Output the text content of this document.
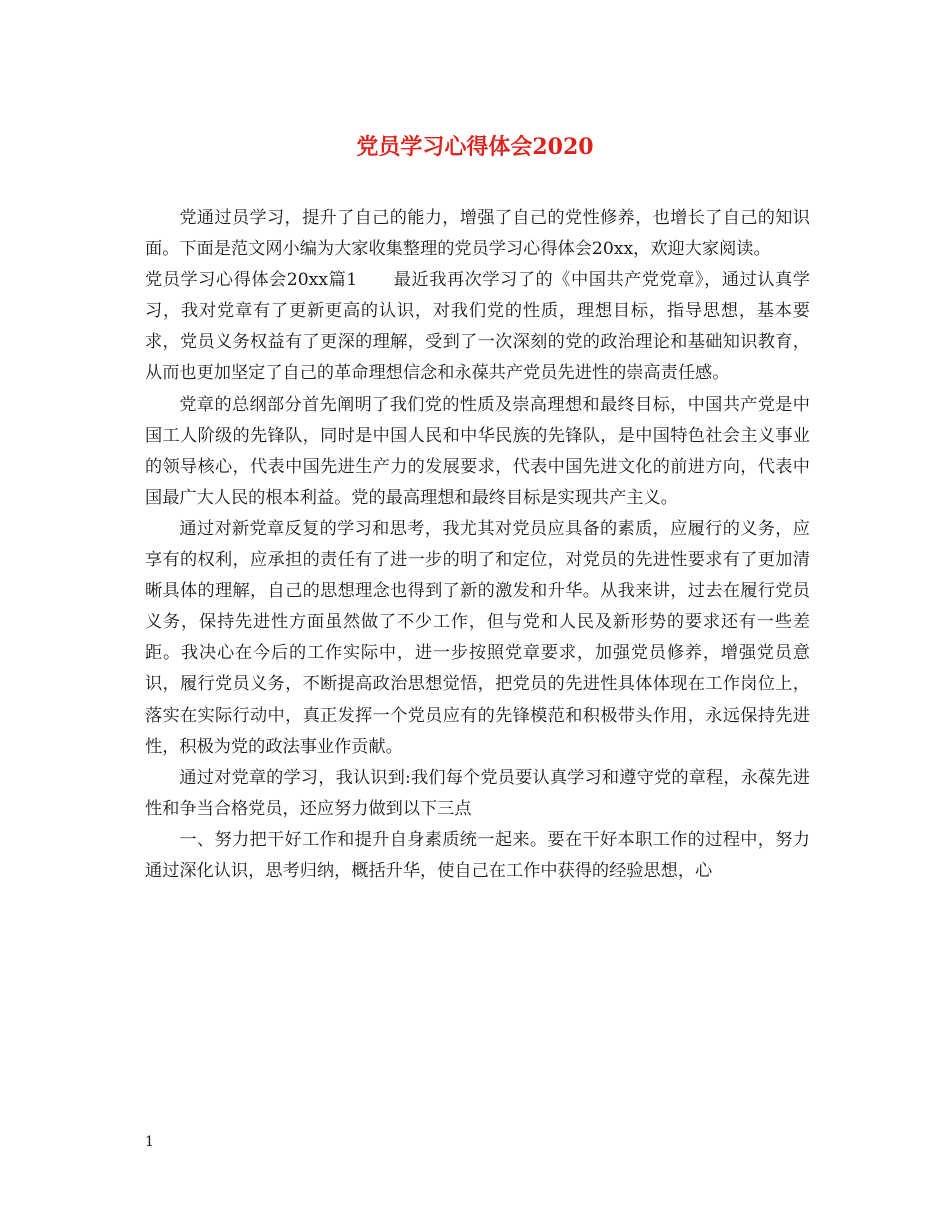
党员学习心得体会2020

党通过员学习，提升了自己的能力，增强了自己的党性修养，也增长了自己的知识面。下面是范文网小编为大家收集整理的党员学习心得体会20xx，欢迎大家阅读。

党员学习心得体会20xx篇1 最近我再次学习了的《中国共产党党章》，通过认真学习，我对党章有了更新更高的认识，对我们党的性质，理想目标，指导思想，基本要求，党员义务权益有了更深的理解，受到了一次深刻的党的政治理论和基础知识教育，从而也更加坚定了自己的革命理想信念和永葆共产党员先进性的崇高责任感。

党章的总纲部分首先阐明了我们党的性质及崇高理想和最终目标，中国共产党是中国工人阶级的先锋队，同时是中国人民和中华民族的先锋队，是中国特色社会主义事业的领导核心，代表中国先进生产力的发展要求，代表中国先进文化的前进方向，代表中国最广大人民的根本利益。党的最高理想和最终目标是实现共产主义。

通过对新党章反复的学习和思考，我尤其对党员应具备的素质，应履行的义务，应享有的权利，应承担的责任有了进一步的明了和定位，对党员的先进性要求有了更加清晰具体的理解，自己的思想理念也得到了新的激发和升华。从我来讲，过去在履行党员义务，保持先进性方面虽然做了不少工作，但与党和人民及新形势的要求还有一些差距。我决心在今后的工作实际中，进一步按照党章要求，加强党员修养，增强党员意识，履行党员义务，不断提高政治思想觉悟，把党员的先进性具体体现在工作岗位上，落实在实际行动中，真正发挥一个党员应有的先锋模范和积极带头作用，永远保持先进性，积极为党的政法事业作贡献。

通过对党章的学习，我认识到:我们每个党员要认真学习和遵守党的章程，永葆先进性和争当合格党员，还应努力做到以下三点

一、努力把干好工作和提升自身素质统一起来。要在干好本职工作的过程中，努力通过深化认识，思考归纳，概括升华，使自己在工作中获得的经验思想，心

1
